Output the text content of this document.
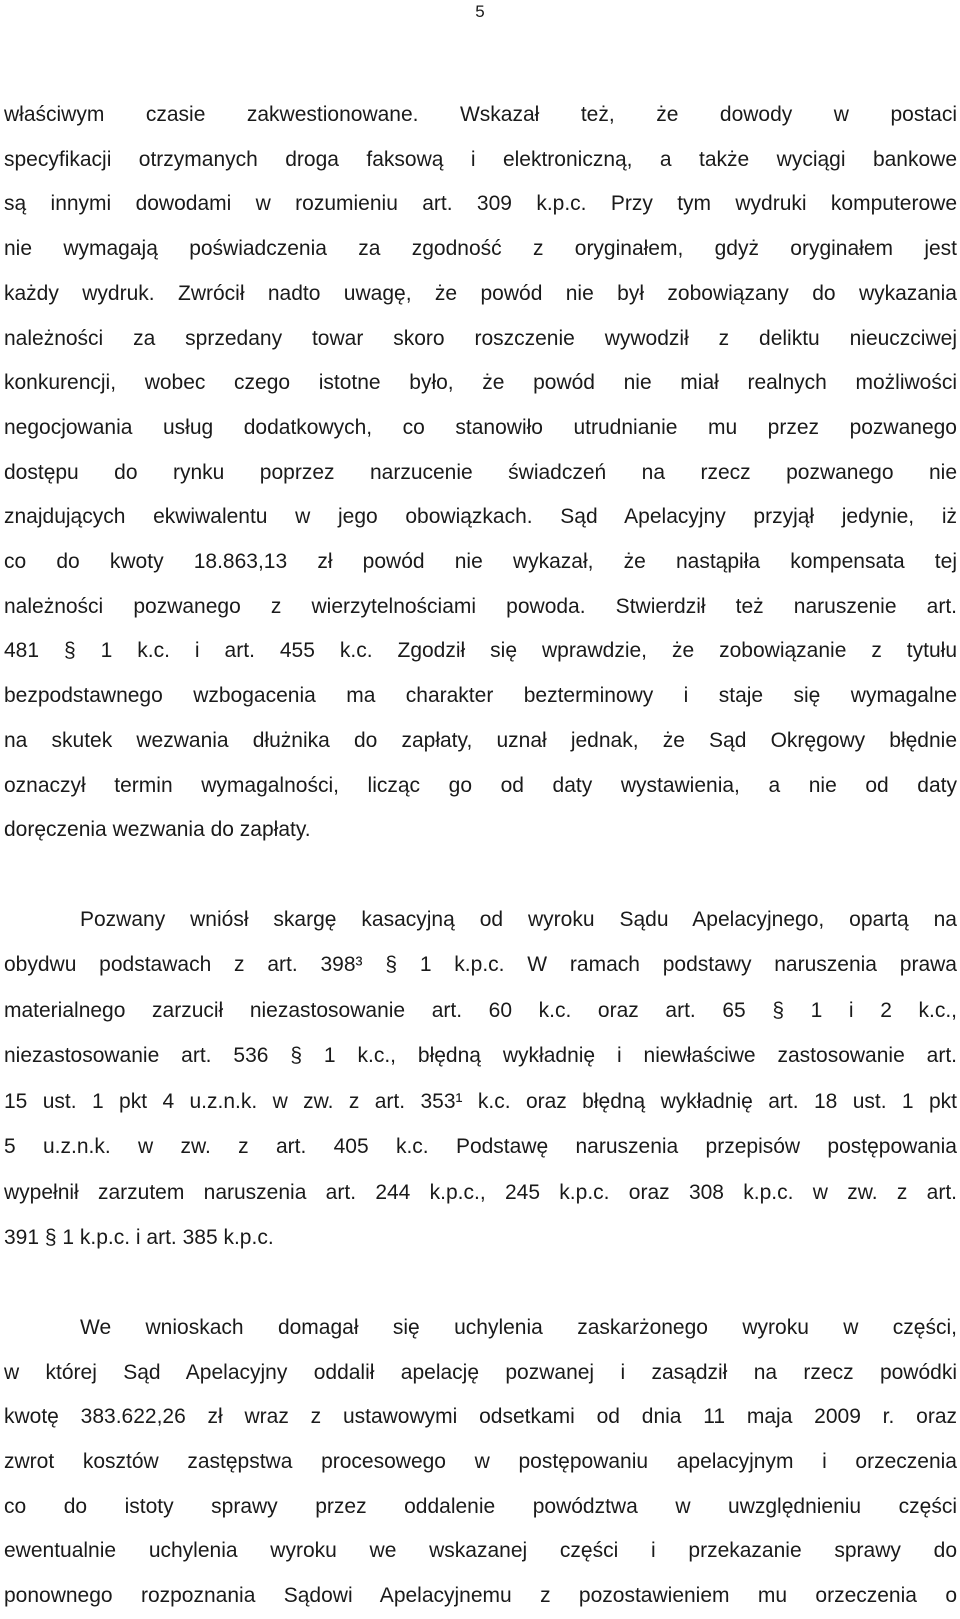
5

właściwym czasie zakwestionowane. Wskazał też, że dowody w postaci
specyfikacji otrzymanych droga faksową i elektroniczną, a także wyciągi bankowe
są innymi dowodami w rozumieniu art. 309 k.p.c. Przy tym wydruki komputerowe
nie wymagają poświadczenia za zgodność z oryginałem, gdyż oryginałem jest
każdy wydruk. Zwrócił nadto uwagę, że powód nie był zobowiązany do wykazania
należności za sprzedany towar skoro roszczenie wywodził z deliktu nieuczciwej
konkurencji, wobec czego istotne było, że powód nie miał realnych możliwości
negocjowania usług dodatkowych, co stanowiło utrudnianie mu przez pozwanego
dostępu do rynku poprzez narzucenie świadczeń na rzecz pozwanego nie
znajdujących ekwiwalentu w jego obowiązkach. Sąd Apelacyjny przyjął jedynie, iż
co do kwoty 18.863,13 zł powód nie wykazał, że nastąpiła kompensata tej
należności pozwanego z wierzytelnościami powoda. Stwierdził też naruszenie art.
481 § 1 k.c. i art. 455 k.c. Zgodził się wprawdzie, że zobowiązanie z tytułu
bezpodstawnego wzbogacenia ma charakter bezterminowy i staje się wymagalne
na skutek wezwania dłużnika do zapłaty, uznał jednak, że Sąd Okręgowy błędnie
oznaczył termin wymagalności, licząc go od daty wystawienia, a nie od daty
doręczenia wezwania do zapłaty.

Pozwany wniósł skargę kasacyjną od wyroku Sądu Apelacyjnego, opartą na
obydwu podstawach z art. 398³ § 1 k.p.c. W ramach podstawy naruszenia prawa
materialnego zarzucił niezastosowanie art. 60 k.c. oraz art. 65 § 1 i 2 k.c.,
niezastosowanie art. 536 § 1 k.c., błędną wykładnię i niewłaściwe zastosowanie art.
15 ust. 1 pkt 4 u.z.n.k. w zw. z art. 353¹ k.c. oraz błędną wykładnię art. 18 ust. 1 pkt
5 u.z.n.k. w zw. z art. 405 k.c. Podstawę naruszenia przepisów postępowania
wypełnił zarzutem naruszenia art. 244 k.p.c., 245 k.p.c. oraz 308 k.p.c. w zw. z art.
391 § 1 k.p.c. i art. 385 k.p.c.

We wnioskach domagał się uchylenia zaskarżonego wyroku w części,
w której Sąd Apelacyjny oddalił apelację pozwanej i zasądził na rzecz powódki
kwotę 383.622,26 zł wraz z ustawowymi odsetkami od dnia 11 maja 2009 r. oraz
zwrot kosztów zastępstwa procesowego w postępowaniu apelacyjnym i orzeczenia
co do istoty sprawy przez oddalenie powództwa w uwzględnieniu części
ewentualnie uchylenia wyroku we wskazanej części i przekazanie sprawy do
ponownego rozpoznania Sądowi Apelacyjnemu z pozostawieniem mu orzeczenia o
